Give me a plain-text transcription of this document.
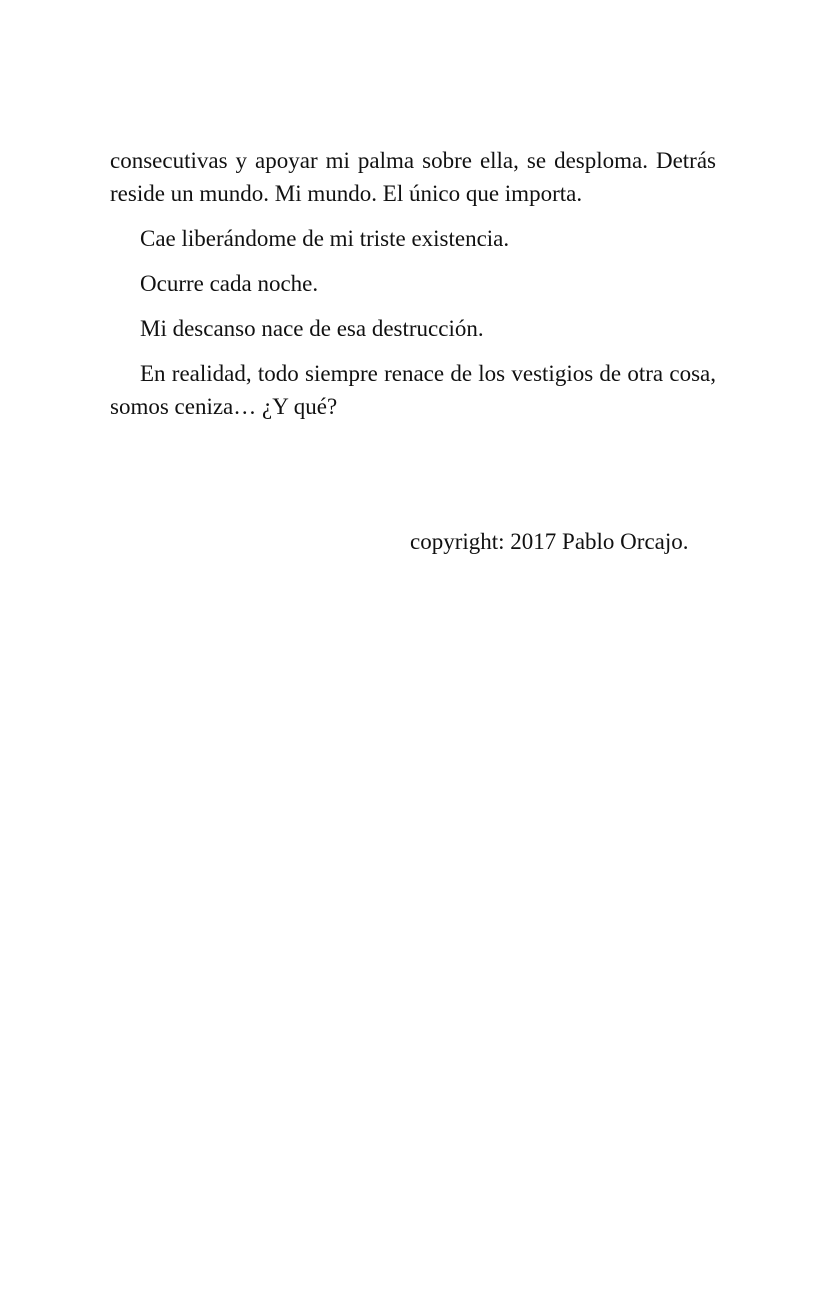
consecutivas y apoyar mi palma sobre ella, se desploma. Detrás reside un mundo. Mi mundo. El único que importa.

Cae liberándome de mi triste existencia.

Ocurre cada noche.

Mi descanso nace de esa destrucción.

En realidad, todo siempre renace de los vestigios de otra cosa, somos ceniza… ¿Y qué?

copyright: 2017 Pablo Orcajo.
